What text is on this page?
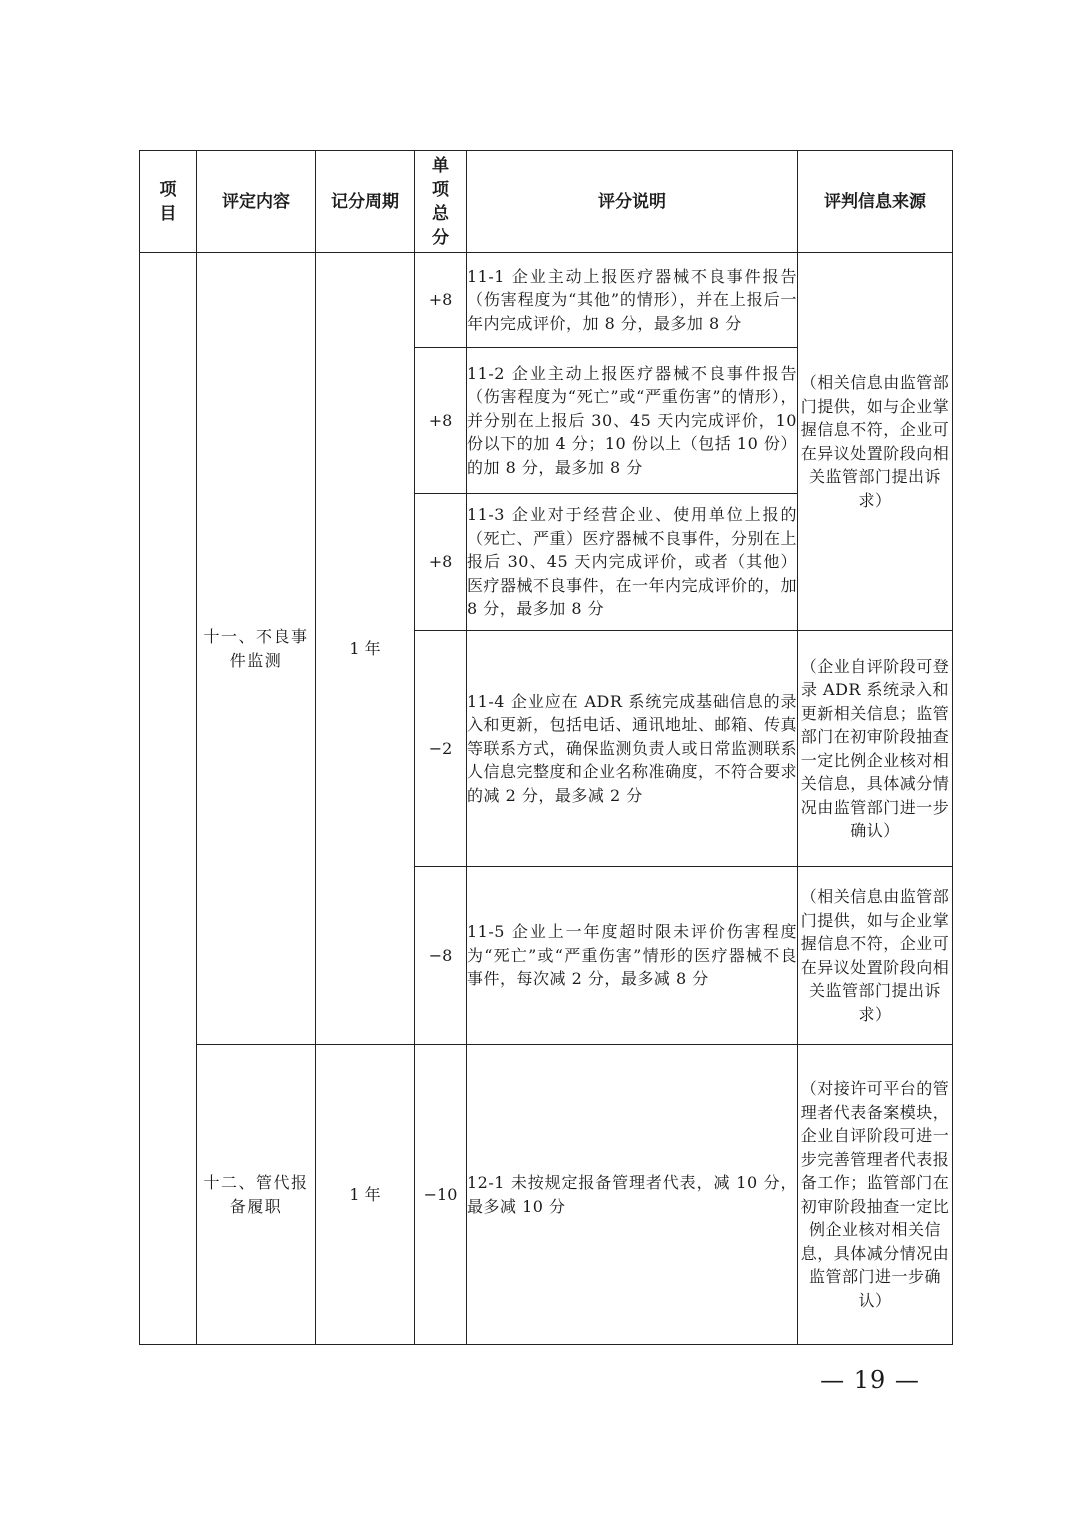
项目	评定内容	记分周期	单项总分	评分说明	评判信息来源
	十一、不良事件监测	1 年	+8	11-1 企业主动上报医疗器械不良事件报告（伤害程度为“其他”的情形），并在上报后一年内完成评价，加 8 分，最多加 8 分	（相关信息由监管部门提供，如与企业掌握信息不符，企业可在异议处置阶段向相关监管部门提出诉求）
			+8	11-2 企业主动上报医疗器械不良事件报告（伤害程度为“死亡”或“严重伤害”的情形），并分别在上报后 30、45 天内完成评价，10 份以下的加 4 分；10 份以上（包括 10 份）的加 8 分，最多加 8 分	
			+8	11-3 企业对于经营企业、使用单位上报的（死亡、严重）医疗器械不良事件，分别在上报后 30、45 天内完成评价，或者（其他）医疗器械不良事件，在一年内完成评价的，加 8 分，最多加 8 分	
			−2	11-4 企业应在 ADR 系统完成基础信息的录入和更新，包括电话、通讯地址、邮箱、传真等联系方式，确保监测负责人或日常监测联系人信息完整度和企业名称准确度，不符合要求的减 2 分，最多减 2 分	（企业自评阶段可登录 ADR 系统录入和更新相关信息；监管部门在初审阶段抽查一定比例企业核对相关信息，具体减分情况由监管部门进一步确认）
			−8	11-5 企业上一年度超时限未评价伤害程度为“死亡”或“严重伤害”情形的医疗器械不良事件，每次减 2 分，最多减 8 分	（相关信息由监管部门提供，如与企业掌握信息不符，企业可在异议处置阶段向相关监管部门提出诉求）
	十二、管代报备履职	1 年	−10	12-1 未按规定报备管理者代表，减 10 分，最多减 10 分	（对接许可平台的管理者代表备案模块，企业自评阶段可进一步完善管理者代表报备工作；监管部门在初审阶段抽查一定比例企业核对相关信息，具体减分情况由监管部门进一步确认）
— 19 —
